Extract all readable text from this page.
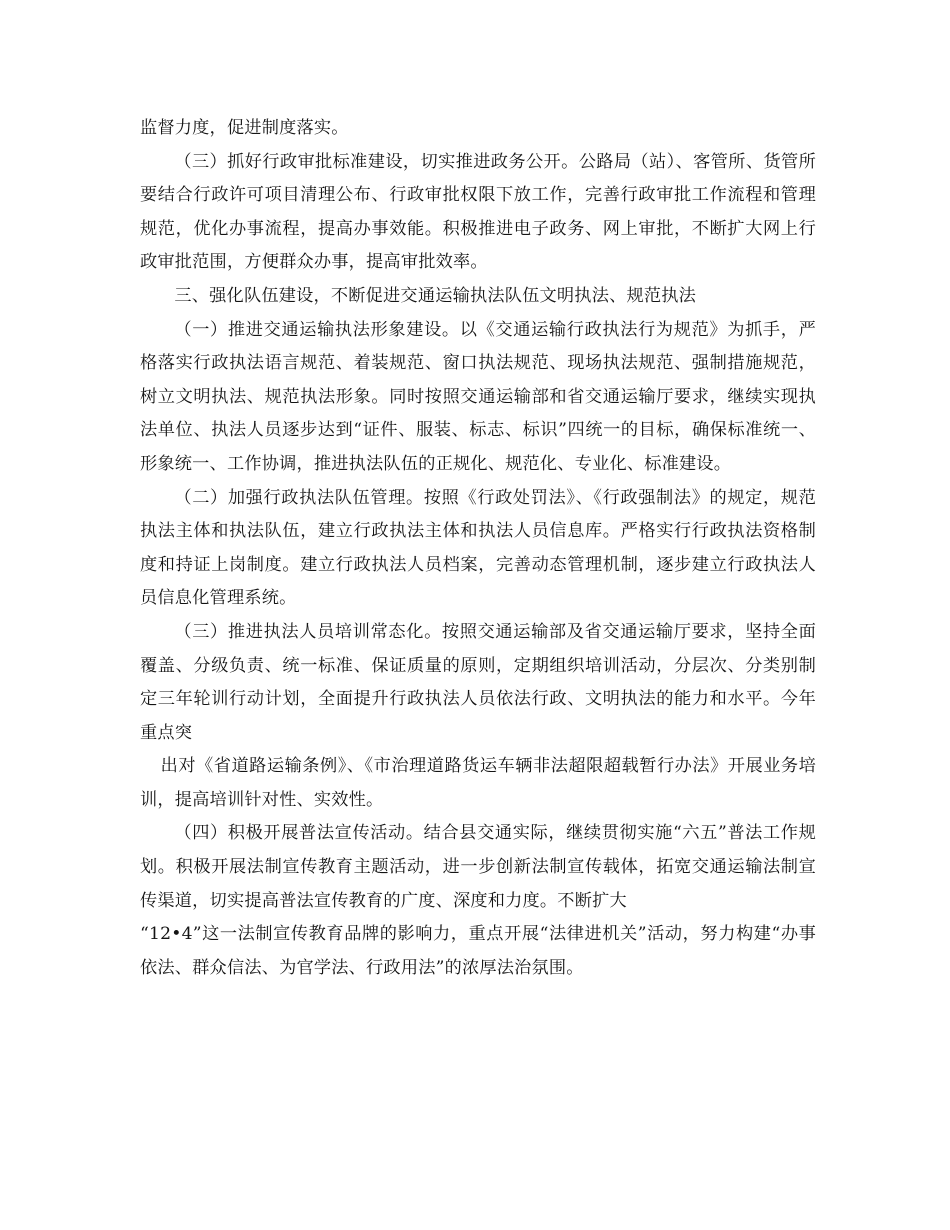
监督力度，促进制度落实。

（三）抓好行政审批标准建设，切实推进政务公开。公路局（站）、客管所、货管所要结合行政许可项目清理公布、行政审批权限下放工作，完善行政审批工作流程和管理规范，优化办事流程，提高办事效能。积极推进电子政务、网上审批，不断扩大网上行政审批范围，方便群众办事，提高审批效率。

三、强化队伍建设，不断促进交通运输执法队伍文明执法、规范执法

（一）推进交通运输执法形象建设。以《交通运输行政执法行为规范》为抓手，严格落实行政执法语言规范、着装规范、窗口执法规范、现场执法规范、强制措施规范，树立文明执法、规范执法形象。同时按照交通运输部和省交通运输厅要求，继续实现执法单位、执法人员逐步达到“证件、服装、标志、标识”四统一的目标，确保标准统一、形象统一、工作协调，推进执法队伍的正规化、规范化、专业化、标准建设。

（二）加强行政执法队伍管理。按照《行政处罚法》、《行政强制法》的规定，规范执法主体和执法队伍，建立行政执法主体和执法人员信息库。严格实行行政执法资格制度和持证上岗制度。建立行政执法人员档案，完善动态管理机制，逐步建立行政执法人员信息化管理系统。

（三）推进执法人员培训常态化。按照交通运输部及省交通运输厅要求，坚持全面覆盖、分级负责、统一标准、保证质量的原则，定期组织培训活动，分层次、分类别制定三年轮训行动计划，全面提升行政执法人员依法行政、文明执法的能力和水平。今年重点突

出对《省道路运输条例》、《市治理道路货运车辆非法超限超载暂行办法》开展业务培训，提高培训针对性、实效性。

（四）积极开展普法宣传活动。结合县交通实际，继续贯彻实施“六五”普法工作规划。积极开展法制宣传教育主题活动，进一步创新法制宣传载体，拓宽交通运输法制宣传渠道，切实提高普法宣传教育的广度、深度和力度。不断扩大

“12•4”这一法制宣传教育品牌的影响力，重点开展“法律进机关”活动，努力构建“办事依法、群众信法、为官学法、行政用法”的浓厚法治氛围。
